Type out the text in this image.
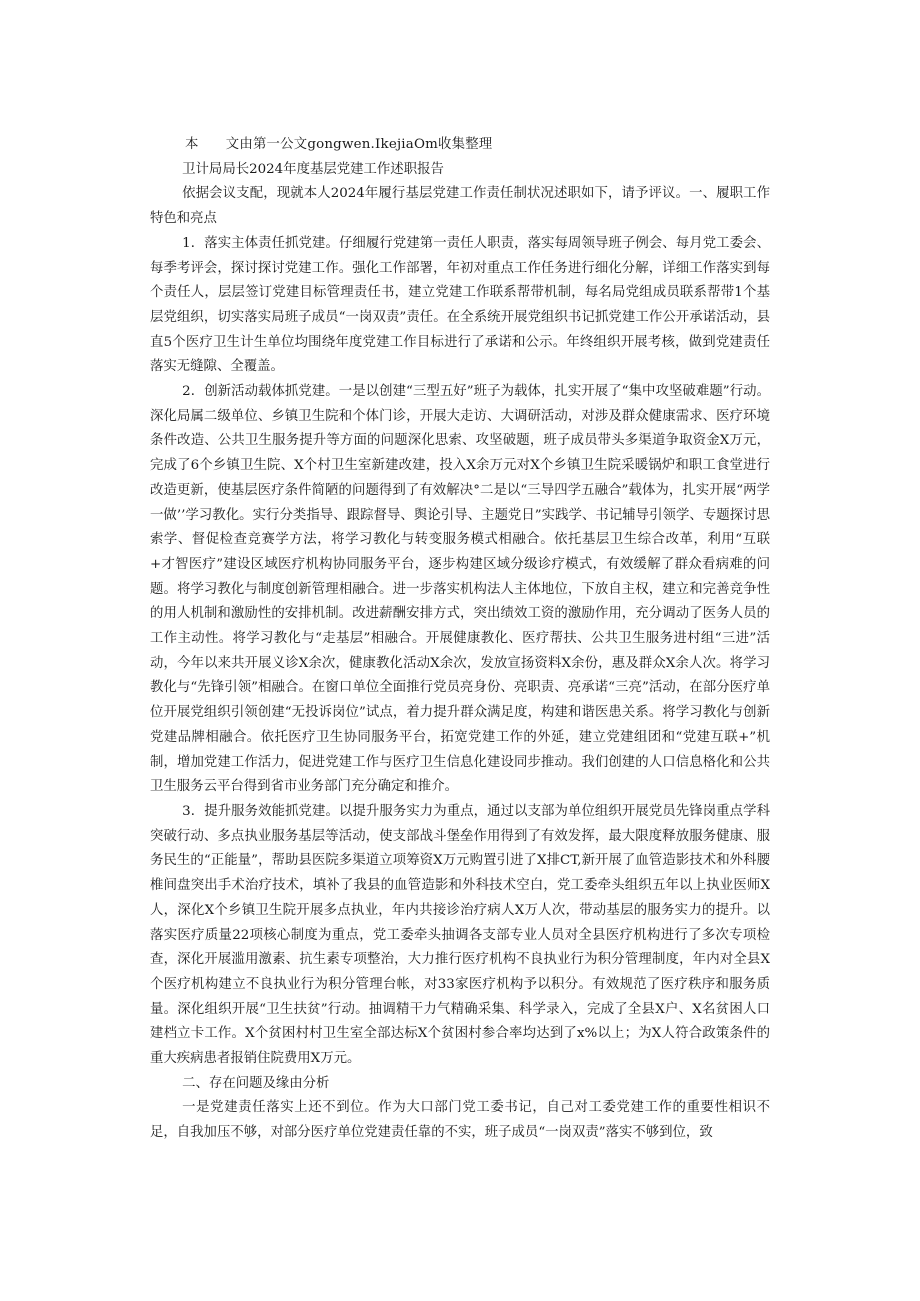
本　　文由第一公文gongwen.IkejiaOm收集整理

卫计局局长2024年度基层党建工作述职报告

依据会议支配，现就本人2024年履行基层党建工作责任制状况述职如下，请予评议。一、履职工作特色和亮点

1．落实主体责任抓党建。仔细履行党建第一责任人职责，落实每周领导班子例会、每月党工委会、每季考评会，探讨探讨党建工作。强化工作部署，年初对重点工作任务进行细化分解，详细工作落实到每个责任人，层层签订党建目标管理责任书，建立党建工作联系帮带机制，每名局党组成员联系帮带1个基层党组织，切实落实局班子成员“一岗双责”责任。在全系统开展党组织书记抓党建工作公开承诺活动，县直5个医疗卫生计生单位均围绕年度党建工作目标进行了承诺和公示。年终组织开展考核，做到党建责任落实无缝隙、全覆盖。

2．创新活动载体抓党建。一是以创建“三型五好”班子为载体，扎实开展了“集中攻坚破难题”行动。深化局属二级单位、乡镇卫生院和个体门诊，开展大走访、大调研活动，对涉及群众健康需求、医疗环境条件改造、公共卫生服务提升等方面的问题深化思索、攻坚破题，班子成员带头多渠道争取资金X万元，完成了6个乡镇卫生院、X个村卫生室新建改建，投入X余万元对X个乡镇卫生院采暖锅炉和职工食堂进行改造更新，使基层医疗条件简陋的问题得到了有效解决°二是以“三导四学五融合”载体为，扎实开展“两学一做’’学习教化。实行分类指导、跟踪督导、舆论引导、主题党日”实践学、书记辅导引领学、专题探讨思索学、督促检查竞赛学方法，将学习教化与转变服务模式相融合。依托基层卫生综合改革，利用“互联+才智医疗”建设区域医疗机构协同服务平台，逐步构建区域分级诊疗模式，有效缓解了群众看病难的问题。将学习教化与制度创新管理相融合。进一步落实机构法人主体地位，下放自主权，建立和完善竞争性的用人机制和激励性的安排机制。改进薪酬安排方式，突出绩效工资的激励作用，充分调动了医务人员的工作主动性。将学习教化与“走基层”相融合。开展健康教化、医疗帮扶、公共卫生服务进村组“三进”活动，今年以来共开展义诊X余次，健康教化活动X余次，发放宣扬资料X余份，惠及群众X余人次。将学习教化与“先锋引领”相融合。在窗口单位全面推行党员亮身份、亮职责、亮承诺“三亮”活动，在部分医疗单位开展党组织引领创建“无投诉岗位”试点，着力提升群众满足度，构建和谐医患关系。将学习教化与创新党建品牌相融合。依托医疗卫生协同服务平台，拓宽党建工作的外延，建立党建组团和“党建互联+”机制，增加党建工作活力，促进党建工作与医疗卫生信息化建设同步推动。我们创建的人口信息格化和公共卫生服务云平台得到省市业务部门充分确定和推介。

3．提升服务效能抓党建。以提升服务实力为重点，通过以支部为单位组织开展党员先锋岗重点学科突破行动、多点执业服务基层等活动，使支部战斗堡垒作用得到了有效发挥，最大限度释放服务健康、服务民生的“正能量”，帮助县医院多渠道立项筹资X万元购置引进了X排CT,新开展了血管造影技术和外科腰椎间盘突出手术治疗技术，填补了我县的血管造影和外科技术空白，党工委牵头组织五年以上执业医师X人，深化X个乡镇卫生院开展多点执业，年内共接诊治疗病人X万人次，带动基层的服务实力的提升。以落实医疗质量22项核心制度为重点，党工委牵头抽调各支部专业人员对全县医疗机构进行了多次专项检查，深化开展滥用激素、抗生素专项整治，大力推行医疗机构不良执业行为积分管理制度，年内对全县X个医疗机构建立不良执业行为积分管理台帐，对33家医疗机构予以积分。有效规范了医疗秩序和服务质量。深化组织开展“卫生扶贫”行动。抽调精干力气精确采集、科学录入，完成了全县X户、X名贫困人口建档立卡工作。X个贫困村村卫生室全部达标X个贫困村参合率均达到了x%以上；为X人符合政策条件的重大疾病患者报销住院费用X万元。

二、存在问题及缘由分析

一是党建责任落实上还不到位。作为大口部门党工委书记，自己对工委党建工作的重要性相识不足，自我加压不够，对部分医疗单位党建责任靠的不实，班子成员“一岗双责”落实不够到位，致
